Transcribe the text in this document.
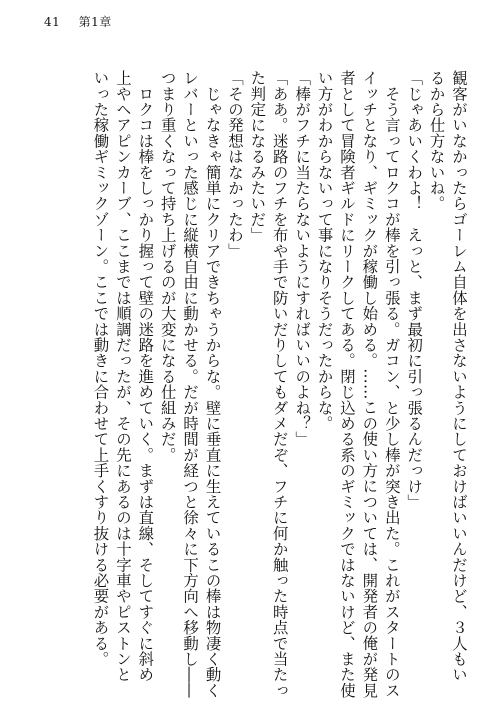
41 第1章
観客がいなかったらゴーレム自体を出さないようにしておけばいいんだけど、３人もい
るから仕方ないね。
「じゃあいくわよ！　えっと、まず最初に引っ張るんだっけ」
　そう言ってロクコが棒を引っ張る。ガコン、と少し棒が突き出た。これがスタートのス
イッチとなり、ギミックが稼働し始める。……この使い方については、開発者の俺が発見
者として冒険者ギルドにリークしてある。閉じ込める系のギミックではないけど、また使
い方がわからないって事になりそうだったからな。
「棒がフチに当たらないようにすればいいのよね？」
「ああ。迷路のフチを布や手で防いだりしてもダメだぞ、フチに何か触った時点で当たっ
た判定になるみたいだ」
「その発想はなかったわ」
　じゃなきゃ簡単にクリアできちゃうからな。壁に垂直に生えているこの棒は物凄く動く
レバーといった感じに縦横自由に動かせる。だが時間が経つと徐々に下方向へ移動し――
つまり重くなって持ち上げるのが大変になる仕組みだ。
　ロクコは棒をしっかり握って壁の迷路を進めていく。まずは直線、そしてすぐに斜め
上やヘアピンカーブ、ここまでは順調だったが、その先にあるのは十字車やピストンと
いった稼働ギミックゾーン。ここでは動きに合わせて上手くすり抜ける必要がある。
